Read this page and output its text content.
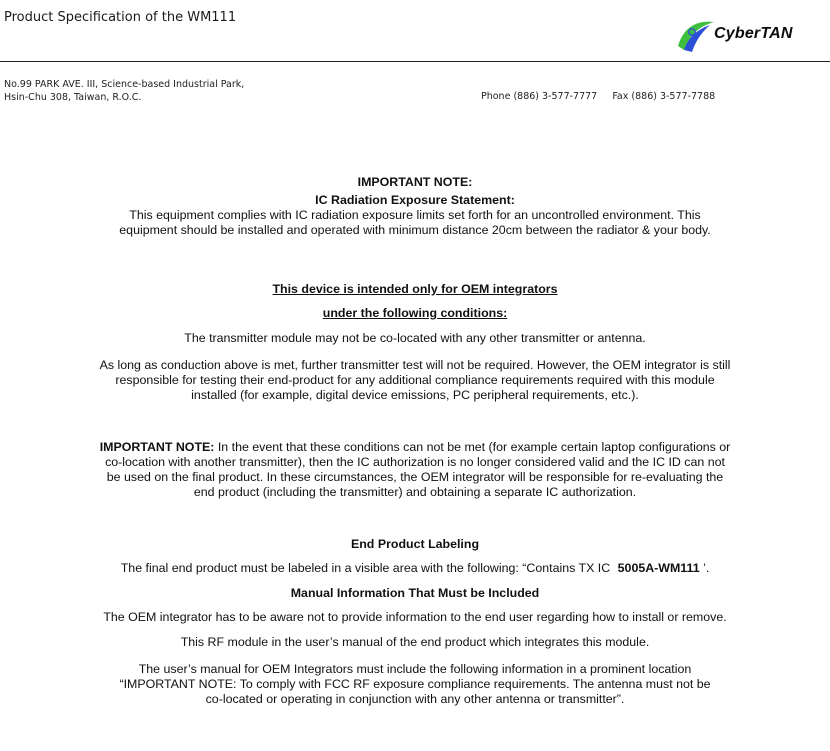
Product Specification of the WM111
CyberTAN
No.99 PARK AVE. III, Science-based Industrial Park,
Hsin-Chu 308, Taiwan, R.O.C.	Phone (886) 3-577-7777 Fax (886) 3-577-7788
IMPORTANT NOTE:
IC Radiation Exposure Statement:
This equipment complies with IC radiation exposure limits set forth for an uncontrolled environment. This
equipment should be installed and operated with minimum distance 20cm between the radiator & your body.
This device is intended only for OEM integrators
under the following conditions:
The transmitter module may not be co-located with any other transmitter or antenna.
As long as conduction above is met, further transmitter test will not be required. However, the OEM integrator is still
responsible for testing their end-product for any additional compliance requirements required with this module
installed (for example, digital device emissions, PC peripheral requirements, etc.).
IMPORTANT NOTE: In the event that these conditions can not be met (for example certain laptop configurations or
co-location with another transmitter), then the IC authorization is no longer considered valid and the IC ID can not
be used on the final product. In these circumstances, the OEM integrator will be responsible for re-evaluating the
end product (including the transmitter) and obtaining a separate IC authorization.
End Product Labeling
The final end product must be labeled in a visible area with the following: “Contains TX IC 5005A-WM111 ’.
Manual Information That Must be Included
The OEM integrator has to be aware not to provide information to the end user regarding how to install or remove.
This RF module in the user’s manual of the end product which integrates this module.
The user’s manual for OEM Integrators must include the following information in a prominent location
“IMPORTANT NOTE: To comply with FCC RF exposure compliance requirements. The antenna must not be
co-located or operating in conjunction with any other antenna or transmitter”.
